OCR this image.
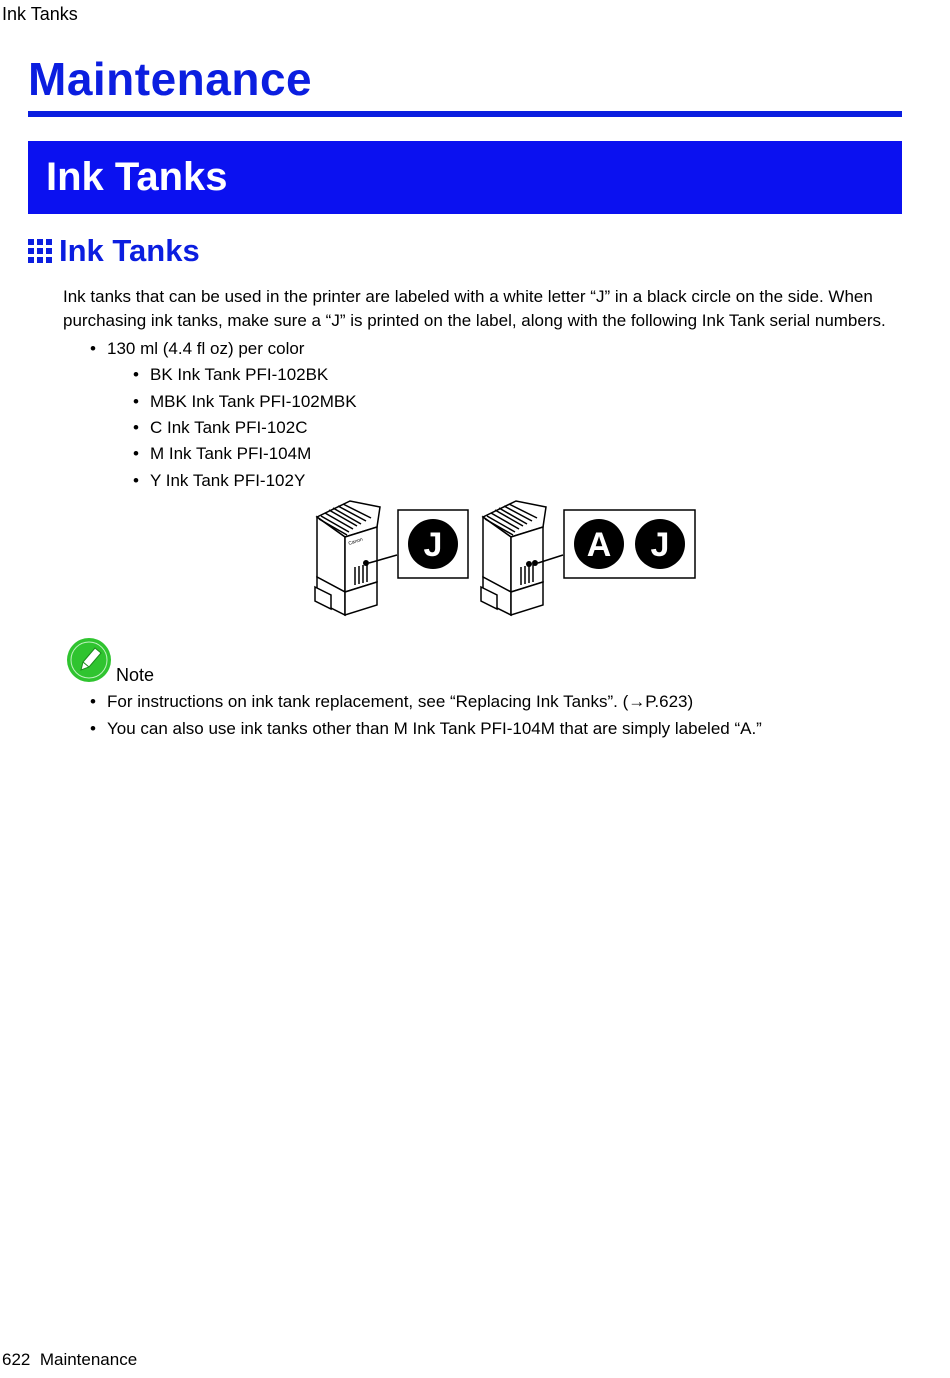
Ink Tanks
Maintenance
Ink Tanks
Ink Tanks

Ink tanks that can be used in the printer are labeled with a white letter “J” in a black circle on the side. When
purchasing ink tanks, make sure a “J” is printed on the label, along with the following Ink Tank serial numbers.

• 130 ml (4.4 fl oz) per color
• BK Ink Tank PFI-102BK
• MBK Ink Tank PFI-102MBK
• C Ink Tank PFI-102C
• M Ink Tank PFI-104M
• Y Ink Tank PFI-102Y
Canon J	A J
Note
• For instructions on ink tank replacement, see “Replacing Ink Tanks”. (→P.623)
• You can also use ink tanks other than M Ink Tank PFI-104M that are simply labeled “A.”
622 Maintenance
